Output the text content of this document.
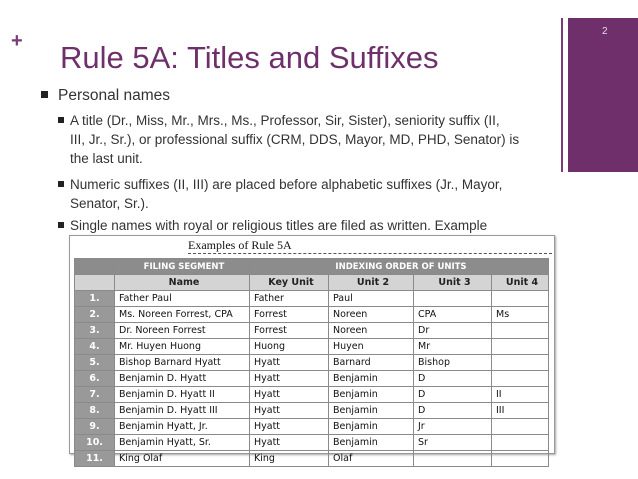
+	2
Rule 5A: Titles and Suffixes
Personal names
A title (Dr., Miss, Mr., Mrs., Ms., Professor, Sir, Sister), seniority suffix (II,
III, Jr., Sr.), or professional suffix (CRM, DDS, Mayor, MD, PHD, Senator) is
the last unit.
Numeric suffixes (II, III) are placed before alphabetic suffixes (Jr., Mayor,
Senator, Sr.).
Single names with royal or religious titles are filed as written. Example
Examples of Rule 5A
	FILING SEGMENT	INDEXING ORDER OF UNITS			
	Name	Key Unit	Unit 2	Unit 3	Unit 4
1.	Father Paul	Father	Paul		
2.	Ms. Noreen Forrest, CPA	Forrest	Noreen	CPA	Ms
3.	Dr. Noreen Forrest	Forrest	Noreen	Dr	
4.	Mr. Huyen Huong	Huong	Huyen	Mr	
5.	Bishop Barnard Hyatt	Hyatt	Barnard	Bishop	
6.	Benjamin D. Hyatt	Hyatt	Benjamin	D	
7.	Benjamin D. Hyatt II	Hyatt	Benjamin	D	II
8.	Benjamin D. Hyatt III	Hyatt	Benjamin	D	III
9.	Benjamin Hyatt, Jr.	Hyatt	Benjamin	Jr	
10.	Benjamin Hyatt, Sr.	Hyatt	Benjamin	Sr	
11.	King Olaf	King	Olaf		
